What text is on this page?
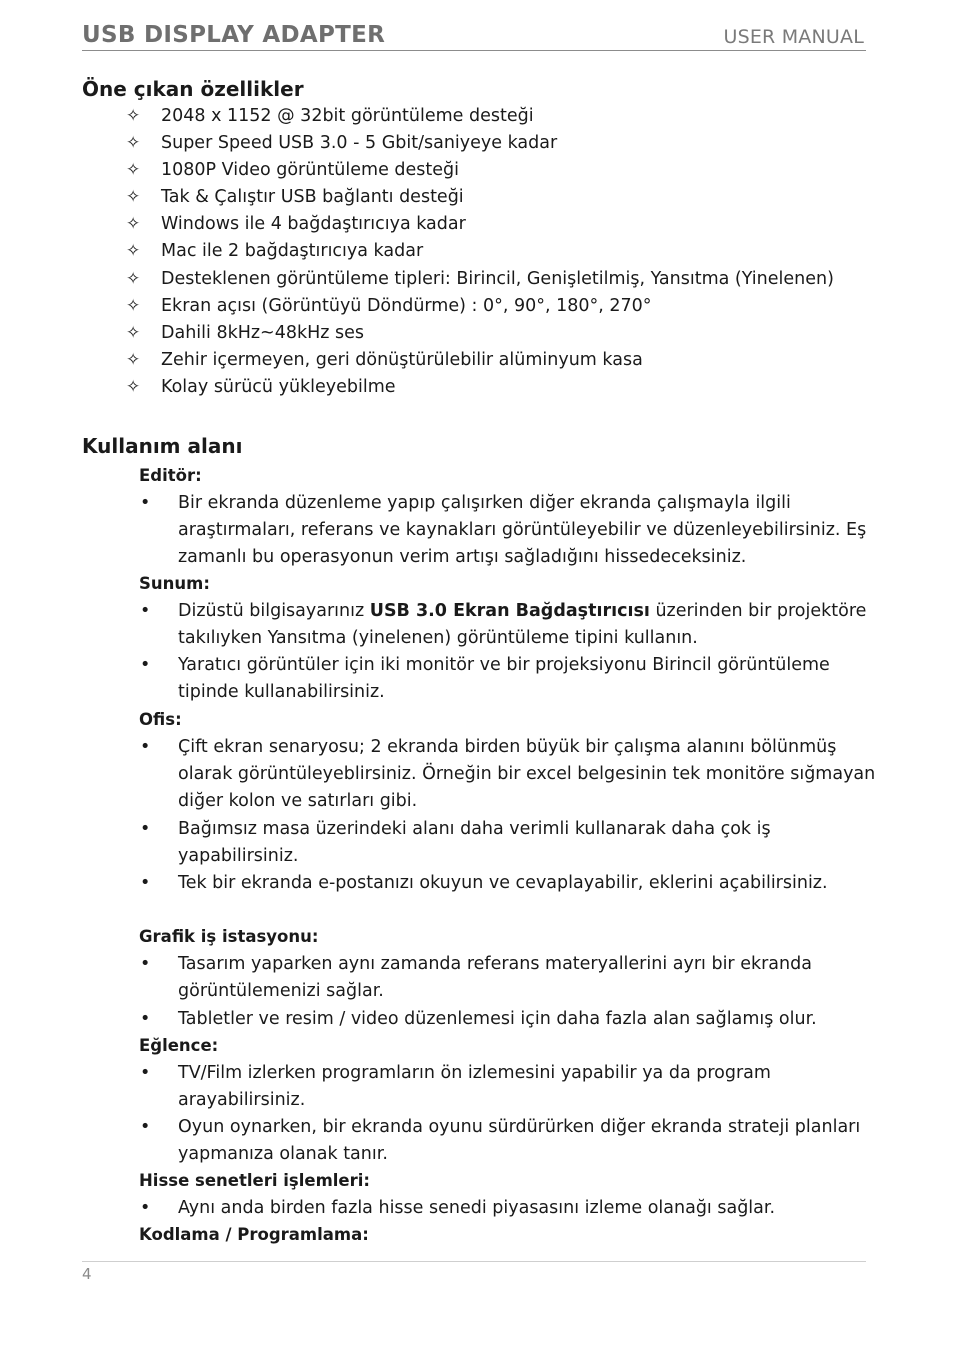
USB DISPLAY ADAPTER	USER MANUAL
Öne çıkan özellikler
✧ 2048 x 1152 @ 32bit görüntüleme desteği
✧ Super Speed USB 3.0 - 5 Gbit/saniyeye kadar
✧ 1080P Video görüntüleme desteği
✧ Tak & Çalıştır USB bağlantı desteği
✧ Windows ile 4 bağdaştırıcıya kadar
✧ Mac ile 2 bağdaştırıcıya kadar
✧ Desteklenen görüntüleme tipleri: Birincil, Genişletilmiş, Yansıtma (Yinelenen)
✧ Ekran açısı (Görüntüyü Döndürme) : 0°, 90°, 180°, 270°
✧ Dahili 8kHz~48kHz ses
✧ Zehir içermeyen, geri dönüştürülebilir alüminyum kasa
✧ Kolay sürücü yükleyebilme
Kullanım alanı
Editör:
• Bir ekranda düzenleme yapıp çalışırken diğer ekranda çalışmayla ilgili araştırmaları, referans ve kaynakları görüntüleyebilir ve düzenleyebilirsiniz. Eş zamanlı bu operasyonun verim artışı sağladığını hissedeceksiniz.
Sunum:
• Dizüstü bilgisayarınız USB 3.0 Ekran Bağdaştırıcısı üzerinden bir projektöre takılıyken Yansıtma (yinelenen) görüntüleme tipini kullanın.
• Yaratıcı görüntüler için iki monitör ve bir projeksiyonu Birincil görüntüleme tipinde kullanabilirsiniz.
Ofis:
• Çift ekran senaryosu; 2 ekranda birden büyük bir çalışma alanını bölünmüş olarak görüntüleyeblirsiniz. Örneğin bir excel belgesinin tek monitöre sığmayan diğer kolon ve satırları gibi.
• Bağımsız masa üzerindeki alanı daha verimli kullanarak daha çok iş yapabilirsiniz.
• Tek bir ekranda e-postanızı okuyun ve cevaplayabilir, eklerini açabilirsiniz.
Grafik iş istasyonu:
• Tasarım yaparken aynı zamanda referans materyallerini ayrı bir ekranda görüntülemenizi sağlar.
• Tabletler ve resim / video düzenlemesi için daha fazla alan sağlamış olur.
Eğlence:
• TV/Film izlerken programların ön izlemesini yapabilir ya da program arayabilirsiniz.
• Oyun oynarken, bir ekranda oyunu sürdürürken diğer ekranda strateji planları yapmanıza olanak tanır.
Hisse senetleri işlemleri:
• Aynı anda birden fazla hisse senedi piyasasını izleme olanağı sağlar.
Kodlama / Programlama:
4
